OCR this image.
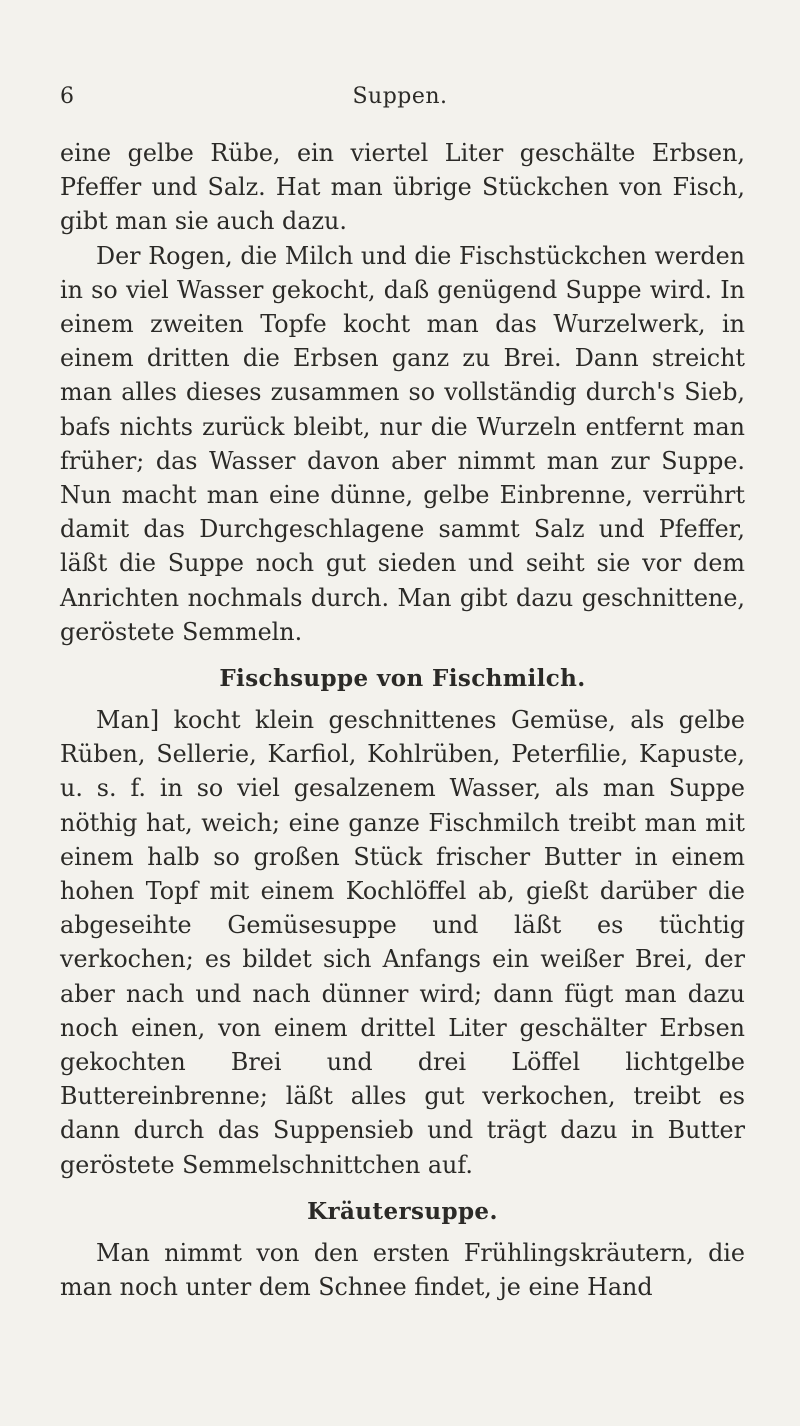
6	Suppen.

eine gelbe Rübe, ein viertel Liter geschälte Erbsen, Pfeffer und Salz. Hat man übrige Stückchen von Fisch, gibt man sie auch dazu.

Der Rogen, die Milch und die Fischstückchen werden in so viel Wasser gekocht, daß genügend Suppe wird. In einem zweiten Topfe kocht man das Wurzelwerk, in einem dritten die Erbsen ganz zu Brei. Dann streicht man alles dieses zusammen so vollständig durch's Sieb, bafs nichts zurück bleibt, nur die Wurzeln entfernt man früher; das Wasser davon aber nimmt man zur Suppe. Nun macht man eine dünne, gelbe Einbrenne, verrührt damit das Durchgeschlagene sammt Salz und Pfeffer, läßt die Suppe noch gut sieden und seiht sie vor dem Anrichten nochmals durch. Man gibt dazu geschnittene, geröstete Semmeln.

Fischsuppe von Fischmilch.

Man] kocht klein geschnittenes Gemüse, als gelbe Rüben, Sellerie, Karfiol, Kohlrüben, Peterfilie, Kapuste, u. s. f. in so viel gesalzenem Wasser, als man Suppe nöthig hat, weich; eine ganze Fischmilch treibt man mit einem halb so großen Stück frischer Butter in einem hohen Topf mit einem Kochlöffel ab, gießt darüber die abgeseihte Gemüsesuppe und läßt es tüchtig verkochen; es bildet sich Anfangs ein weißer Brei, der aber nach und nach dünner wird; dann fügt man dazu noch einen, von einem drittel Liter geschälter Erbsen gekochten Brei und drei Löffel lichtgelbe Buttereinbrenne; läßt alles gut verkochen, treibt es dann durch das Suppensieb und trägt dazu in Butter geröstete Semmelschnittchen auf.

Kräutersuppe.

Man nimmt von den ersten Frühlingskräutern, die man noch unter dem Schnee findet, je eine Hand
